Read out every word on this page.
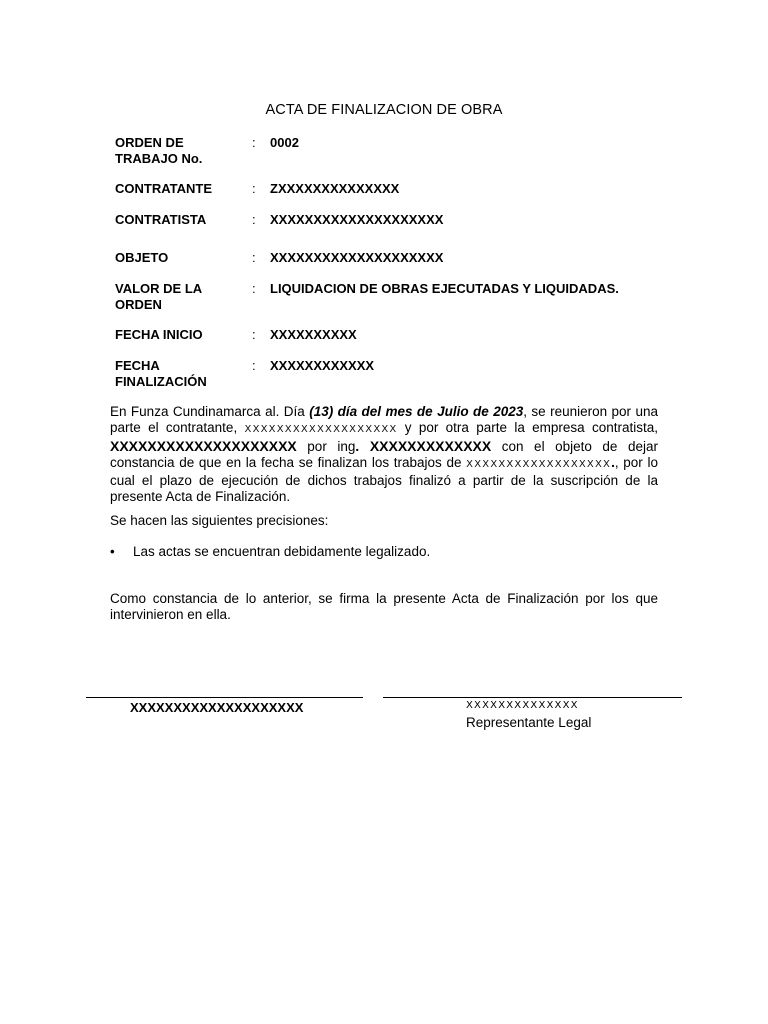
ACTA DE FINALIZACION DE OBRA
ORDEN DE
TRABAJO No.
: 0002
CONTRATANTE	: ZXXXXXXXXXXXXXX
CONTRATISTA	: XXXXXXXXXXXXXXXXXXXX
OBJETO	: XXXXXXXXXXXXXXXXXXXX
VALOR DE LA
ORDEN
: LIQUIDACION DE OBRAS EJECUTADAS Y LIQUIDADAS.
FECHA INICIO	: XXXXXXXXXX
FECHA
FINALIZACIÓN
: XXXXXXXXXXXX
En Funza Cundinamarca al. Día (13) día del mes de Julio de 2023, se reunieron por una parte el contratante, XXXXXXXXXXXXXXXXXXX y por otra parte la empresa contratista, XXXXXXXXXXXXXXXXXXXX por ing. XXXXXXXXXXXXX con el objeto de dejar constancia de que en la fecha se finalizan los trabajos de XXXXXXXXXXXXXXXXXX., por lo cual el plazo de ejecución de dichos trabajos finalizó a partir de la suscripción de la presente Acta de Finalización.
Se hacen las siguientes precisiones:
• Las actas se encuentran debidamente legalizado.
Como constancia de lo anterior, se firma la presente Acta de Finalización por los que intervinieron en ella.
XXXXXXXXXXXXXXXXXXXX	XXXXXXXXXXXXXX
Representante Legal
